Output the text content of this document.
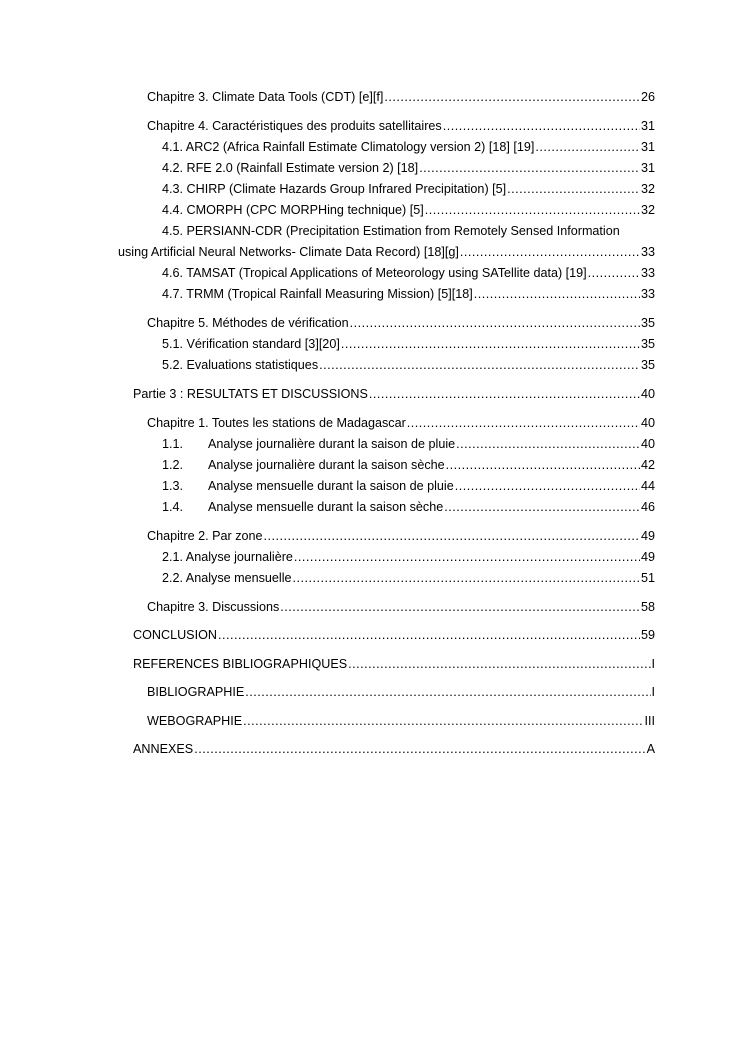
Chapitre 3. Climate Data Tools (CDT) [e][f] .....	26
Chapitre 4. Caractéristiques des produits satellitaires .....	31
4.1. ARC2 (Africa Rainfall Estimate Climatology version 2) [18] [19] .....	31
4.2. RFE 2.0 (Rainfall Estimate version 2) [18] .....	31
4.3. CHIRP (Climate Hazards Group Infrared Precipitation) [5] .....	32
4.4. CMORPH (CPC MORPHing technique) [5] .....	32
4.5. PERSIANN-CDR (Precipitation Estimation from Remotely Sensed Information
using Artificial Neural Networks- Climate Data Record) [18][g] .....	33
4.6. TAMSAT (Tropical Applications of Meteorology using SATellite data) [19] .....	33
4.7. TRMM (Tropical Rainfall Measuring Mission) [5][18] .....	33
Chapitre 5. Méthodes de vérification .....	35
5.1. Vérification standard [3][20] .....	35
5.2. Evaluations statistiques .....	35
Partie 3 : RESULTATS ET DISCUSSIONS .....	40
Chapitre 1. Toutes les stations de Madagascar .....	40
1.1.	Analyse journalière durant la saison de pluie .....	40
1.2.	Analyse journalière durant la saison sèche .....	42
1.3.	Analyse mensuelle durant la saison de pluie .....	44
1.4.	Analyse mensuelle durant la saison sèche .....	46
Chapitre 2. Par zone .....	49
2.1. Analyse journalière .....	49
2.2. Analyse mensuelle .....	51
Chapitre 3. Discussions .....	58
CONCLUSION .....	59
REFERENCES BIBLIOGRAPHIQUES .....	I
BIBLIOGRAPHIE .....	I
WEBOGRAPHIE .....	III
ANNEXES .....	A
